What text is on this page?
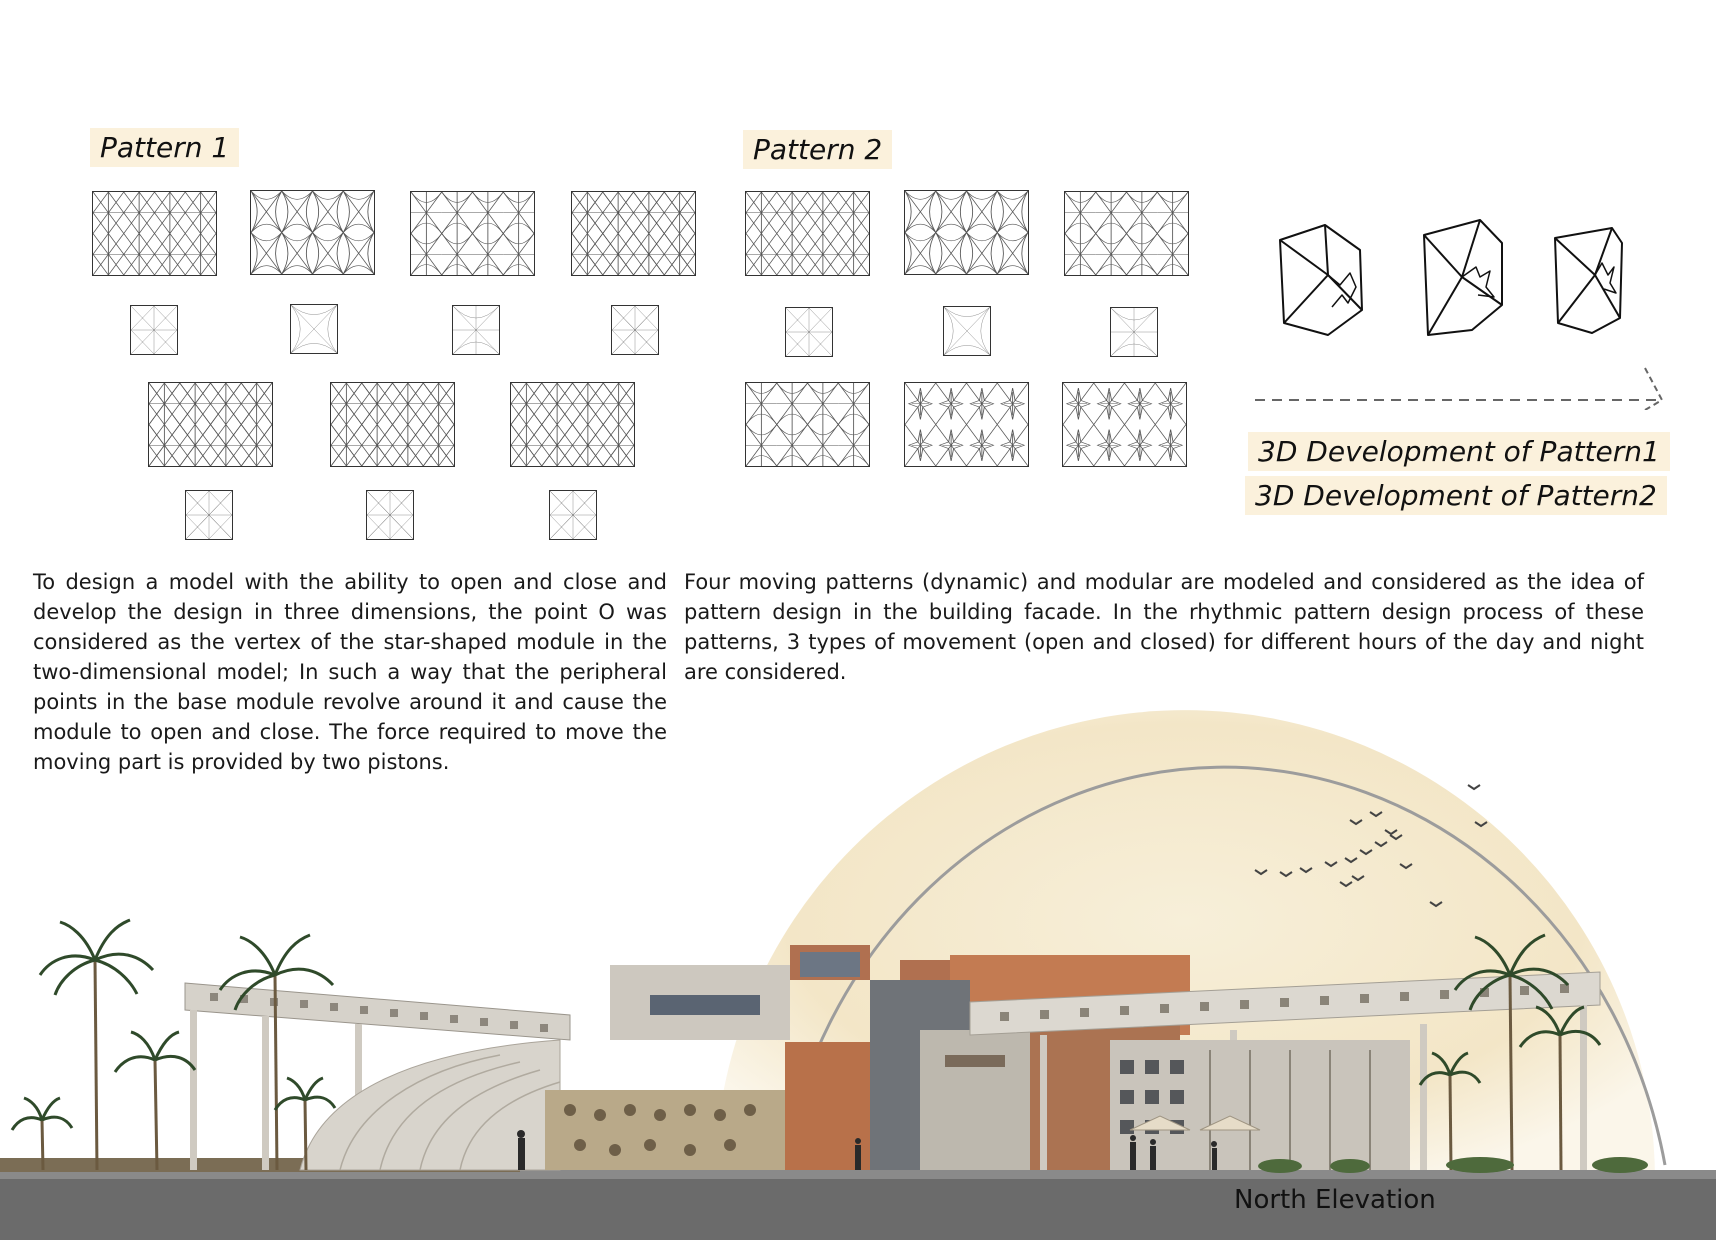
Pattern 1	Pattern 2
3D Development of Pattern1
3D Development of Pattern2

To design a model with the ability to open and close and develop the design in three dimensions, the point O was considered as the vertex of the star-shaped module in the two-dimensional model; In such a way that the peripheral points in the base module revolve around it and cause the module to open and close. The force required to move the moving part is provided by two pistons.

Four moving patterns (dynamic) and modular are modeled and considered as the idea of pattern design in the building facade. In the rhythmic pattern design process of these patterns, 3 types of movement (open and closed) for different hours of the day and night are considered.

North Elevation
